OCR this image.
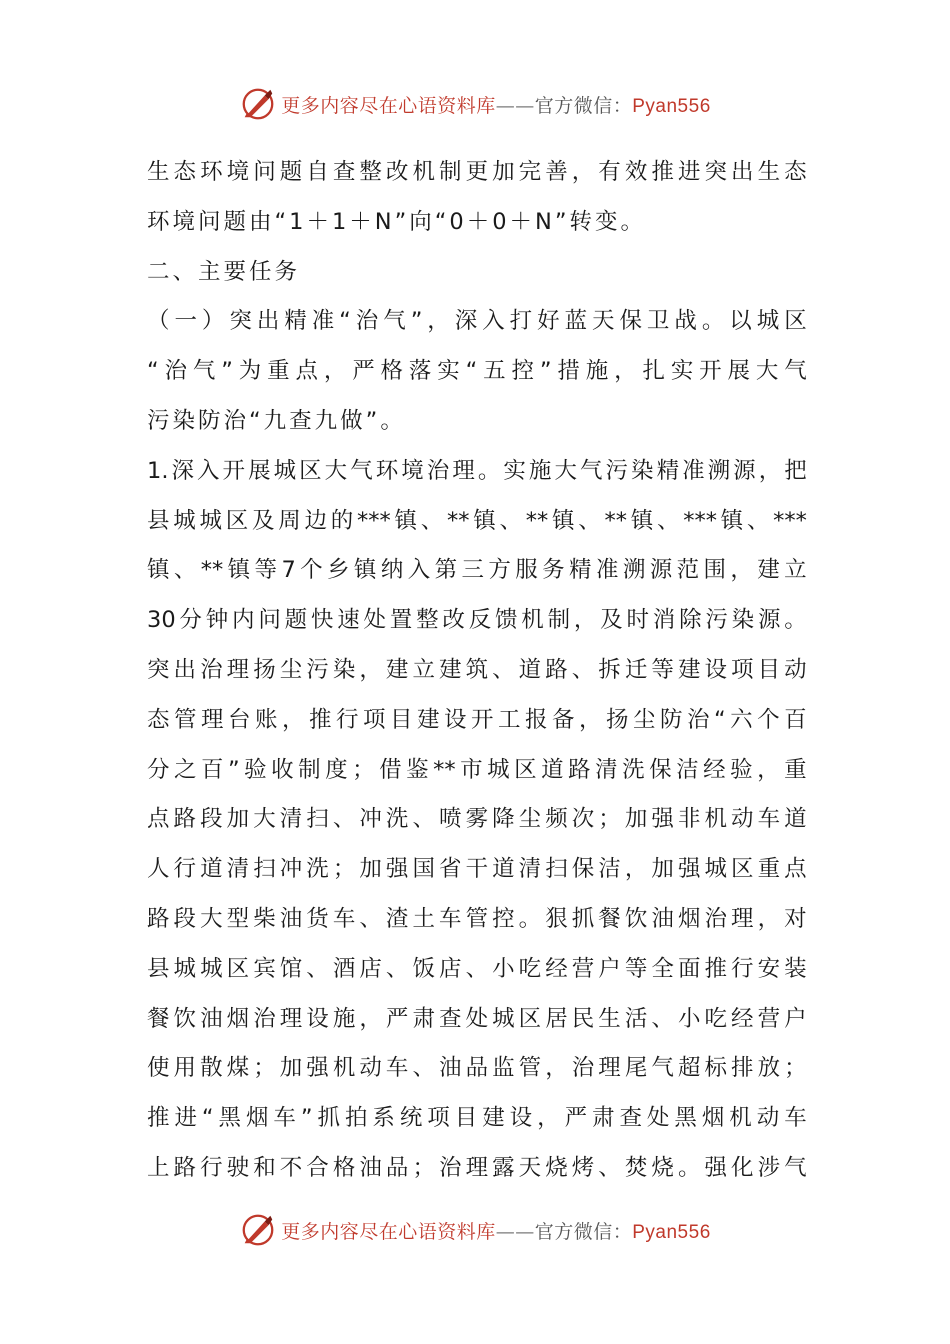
更多内容尽在心语资料库——官方微信：Pyan556
生 态 环 境 问 题 自 查 整 改 机 制 更 加 完 善 ， 有 效 推 进 突 出 生 态
环境问题由“1＋1＋N”向“0＋0＋N”转变。
二、主要任务
（ 一 ） 突 出 精 准 “ 治 气 ” ， 深 入 打 好 蓝 天 保 卫 战 。 以 城 区
“ 治 气 ” 为 重 点 ， 严 格 落 实 “ 五 控 ” 措 施 ， 扎 实 开 展 大 气
污染防治“九查九做”。
1. 深 入 开 展 城 区 大 气 环 境 治 理 。 实 施 大 气 污 染 精 准 溯 源 ， 把
县 城 城 区 及 周 边 的 *** 镇 、 ** 镇 、 ** 镇 、 ** 镇 、 *** 镇 、 ***
镇 、 ** 镇 等 7 个 乡 镇 纳 入 第 三 方 服 务 精 准 溯 源 范 围 ， 建 立
30 分 钟 内 问 题 快 速 处 置 整 改 反 馈 机 制 ， 及 时 消 除 污 染 源 。
突 出 治 理 扬 尘 污 染 ， 建 立 建 筑 、 道 路 、 拆 迁 等 建 设 项 目 动
态 管 理 台 账 ， 推 行 项 目 建 设 开 工 报 备 ， 扬 尘 防 治 “ 六 个 百
分 之 百 ” 验 收 制 度 ； 借 鉴 ** 市 城 区 道 路 清 洗 保 洁 经 验 ， 重
点 路 段 加 大 清 扫 、 冲 洗 、 喷 雾 降 尘 频 次 ； 加 强 非 机 动 车 道
人 行 道 清 扫 冲 洗 ； 加 强 国 省 干 道 清 扫 保 洁 ， 加 强 城 区 重 点
路 段 大 型 柴 油 货 车 、 渣 土 车 管 控 。 狠 抓 餐 饮 油 烟 治 理 ， 对
县 城 城 区 宾 馆 、 酒 店 、 饭 店 、 小 吃 经 营 户 等 全 面 推 行 安 装
餐 饮 油 烟 治 理 设 施 ， 严 肃 查 处 城 区 居 民 生 活 、 小 吃 经 营 户
使 用 散 煤 ； 加 强 机 动 车 、 油 品 监 管 ， 治 理 尾 气 超 标 排 放 ；
推 进 “ 黑 烟 车 ” 抓 拍 系 统 项 目 建 设 ， 严 肃 查 处 黑 烟 机 动 车
上 路 行 驶 和 不 合 格 油 品 ； 治 理 露 天 烧 烤 、 焚 烧 。 强 化 涉 气
更多内容尽在心语资料库——官方微信：Pyan556
